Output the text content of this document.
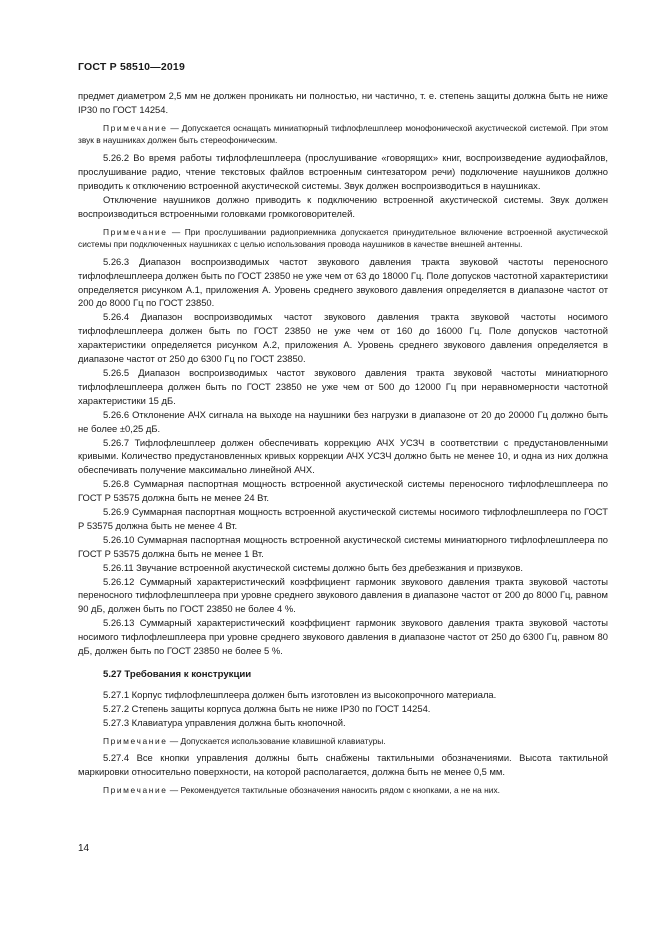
ГОСТ Р 58510—2019

предмет диаметром 2,5 мм не должен проникать ни полностью, ни частично, т. е. степень защиты должна быть не ниже IP30 по ГОСТ 14254.

Примечание — Допускается оснащать миниатюрный тифлофлешплеер монофонической акустической системой. При этом звук в наушниках должен быть стереофоническим.

5.26.2 Во время работы тифлофлешплеера (прослушивание «говорящих» книг, воспроизведение аудиофайлов, прослушивание радио, чтение текстовых файлов встроенным синтезатором речи) подключение наушников должно приводить к отключению встроенной акустической системы. Звук должен воспроизводиться в наушниках.

Отключение наушников должно приводить к подключению встроенной акустической системы. Звук должен воспроизводиться встроенными головками громкоговорителей.

Примечание — При прослушивании радиоприемника допускается принудительное включение встроенной акустической системы при подключенных наушниках с целью использования провода наушников в качестве внешней антенны.

5.26.3 Диапазон воспроизводимых частот звукового давления тракта звуковой частоты переносного тифлофлешплеера должен быть по ГОСТ 23850 не уже чем от 63 до 18000 Гц. Поле допусков частотной характеристики определяется рисунком А.1, приложения А. Уровень среднего звукового давления определяется в диапазоне частот от 200 до 8000 Гц по ГОСТ 23850.

5.26.4 Диапазон воспроизводимых частот звукового давления тракта звуковой частоты носимого тифлофлешплеера должен быть по ГОСТ 23850 не уже чем от 160 до 16000 Гц. Поле допусков частотной характеристики определяется рисунком А.2, приложения А. Уровень среднего звукового давления определяется в диапазоне частот от 250 до 6300 Гц по ГОСТ 23850.

5.26.5 Диапазон воспроизводимых частот звукового давления тракта звуковой частоты миниатюрного тифлофлешплеера должен быть по ГОСТ 23850 не уже чем от 500 до 12000 Гц при неравномерности частотной характеристики 15 дБ.

5.26.6 Отклонение АЧХ сигнала на выходе на наушники без нагрузки в диапазоне от 20 до 20000 Гц должно быть не более ±0,25 дБ.

5.26.7 Тифлофлешплеер должен обеспечивать коррекцию АЧХ УСЗЧ в соответствии с предустановленными кривыми. Количество предустановленных кривых коррекции АЧХ УСЗЧ должно быть не менее 10, и одна из них должна обеспечивать получение максимально линейной АЧХ.

5.26.8 Суммарная паспортная мощность встроенной акустической системы переносного тифлофлешплеера по ГОСТ Р 53575 должна быть не менее 24 Вт.

5.26.9 Суммарная паспортная мощность встроенной акустической системы носимого тифлофлешплеера по ГОСТ Р 53575 должна быть не менее 4 Вт.

5.26.10 Суммарная паспортная мощность встроенной акустической системы миниатюрного тифлофлешплеера по ГОСТ Р 53575 должна быть не менее 1 Вт.

5.26.11 Звучание встроенной акустической системы должно быть без дребезжания и призвуков.

5.26.12 Суммарный характеристический коэффициент гармоник звукового давления тракта звуковой частоты переносного тифлофлешплеера при уровне среднего звукового давления в диапазоне частот от 200 до 8000 Гц, равном 90 дБ, должен быть по ГОСТ 23850 не более 4 %.

5.26.13 Суммарный характеристический коэффициент гармоник звукового давления тракта звуковой частоты носимого тифлофлешплеера при уровне среднего звукового давления в диапазоне частот от 250 до 6300 Гц, равном 80 дБ, должен быть по ГОСТ 23850 не более 5 %.

5.27 Требования к конструкции

5.27.1 Корпус тифлофлешплеера должен быть изготовлен из высокопрочного материала.

5.27.2 Степень защиты корпуса должна быть не ниже IP30 по ГОСТ 14254.

5.27.3 Клавиатура управления должна быть кнопочной.

Примечание — Допускается использование клавишной клавиатуры.

5.27.4 Все кнопки управления должны быть снабжены тактильными обозначениями. Высота тактильной маркировки относительно поверхности, на которой располагается, должна быть не менее 0,5 мм.

Примечание — Рекомендуется тактильные обозначения наносить рядом с кнопками, а не на них.

14
